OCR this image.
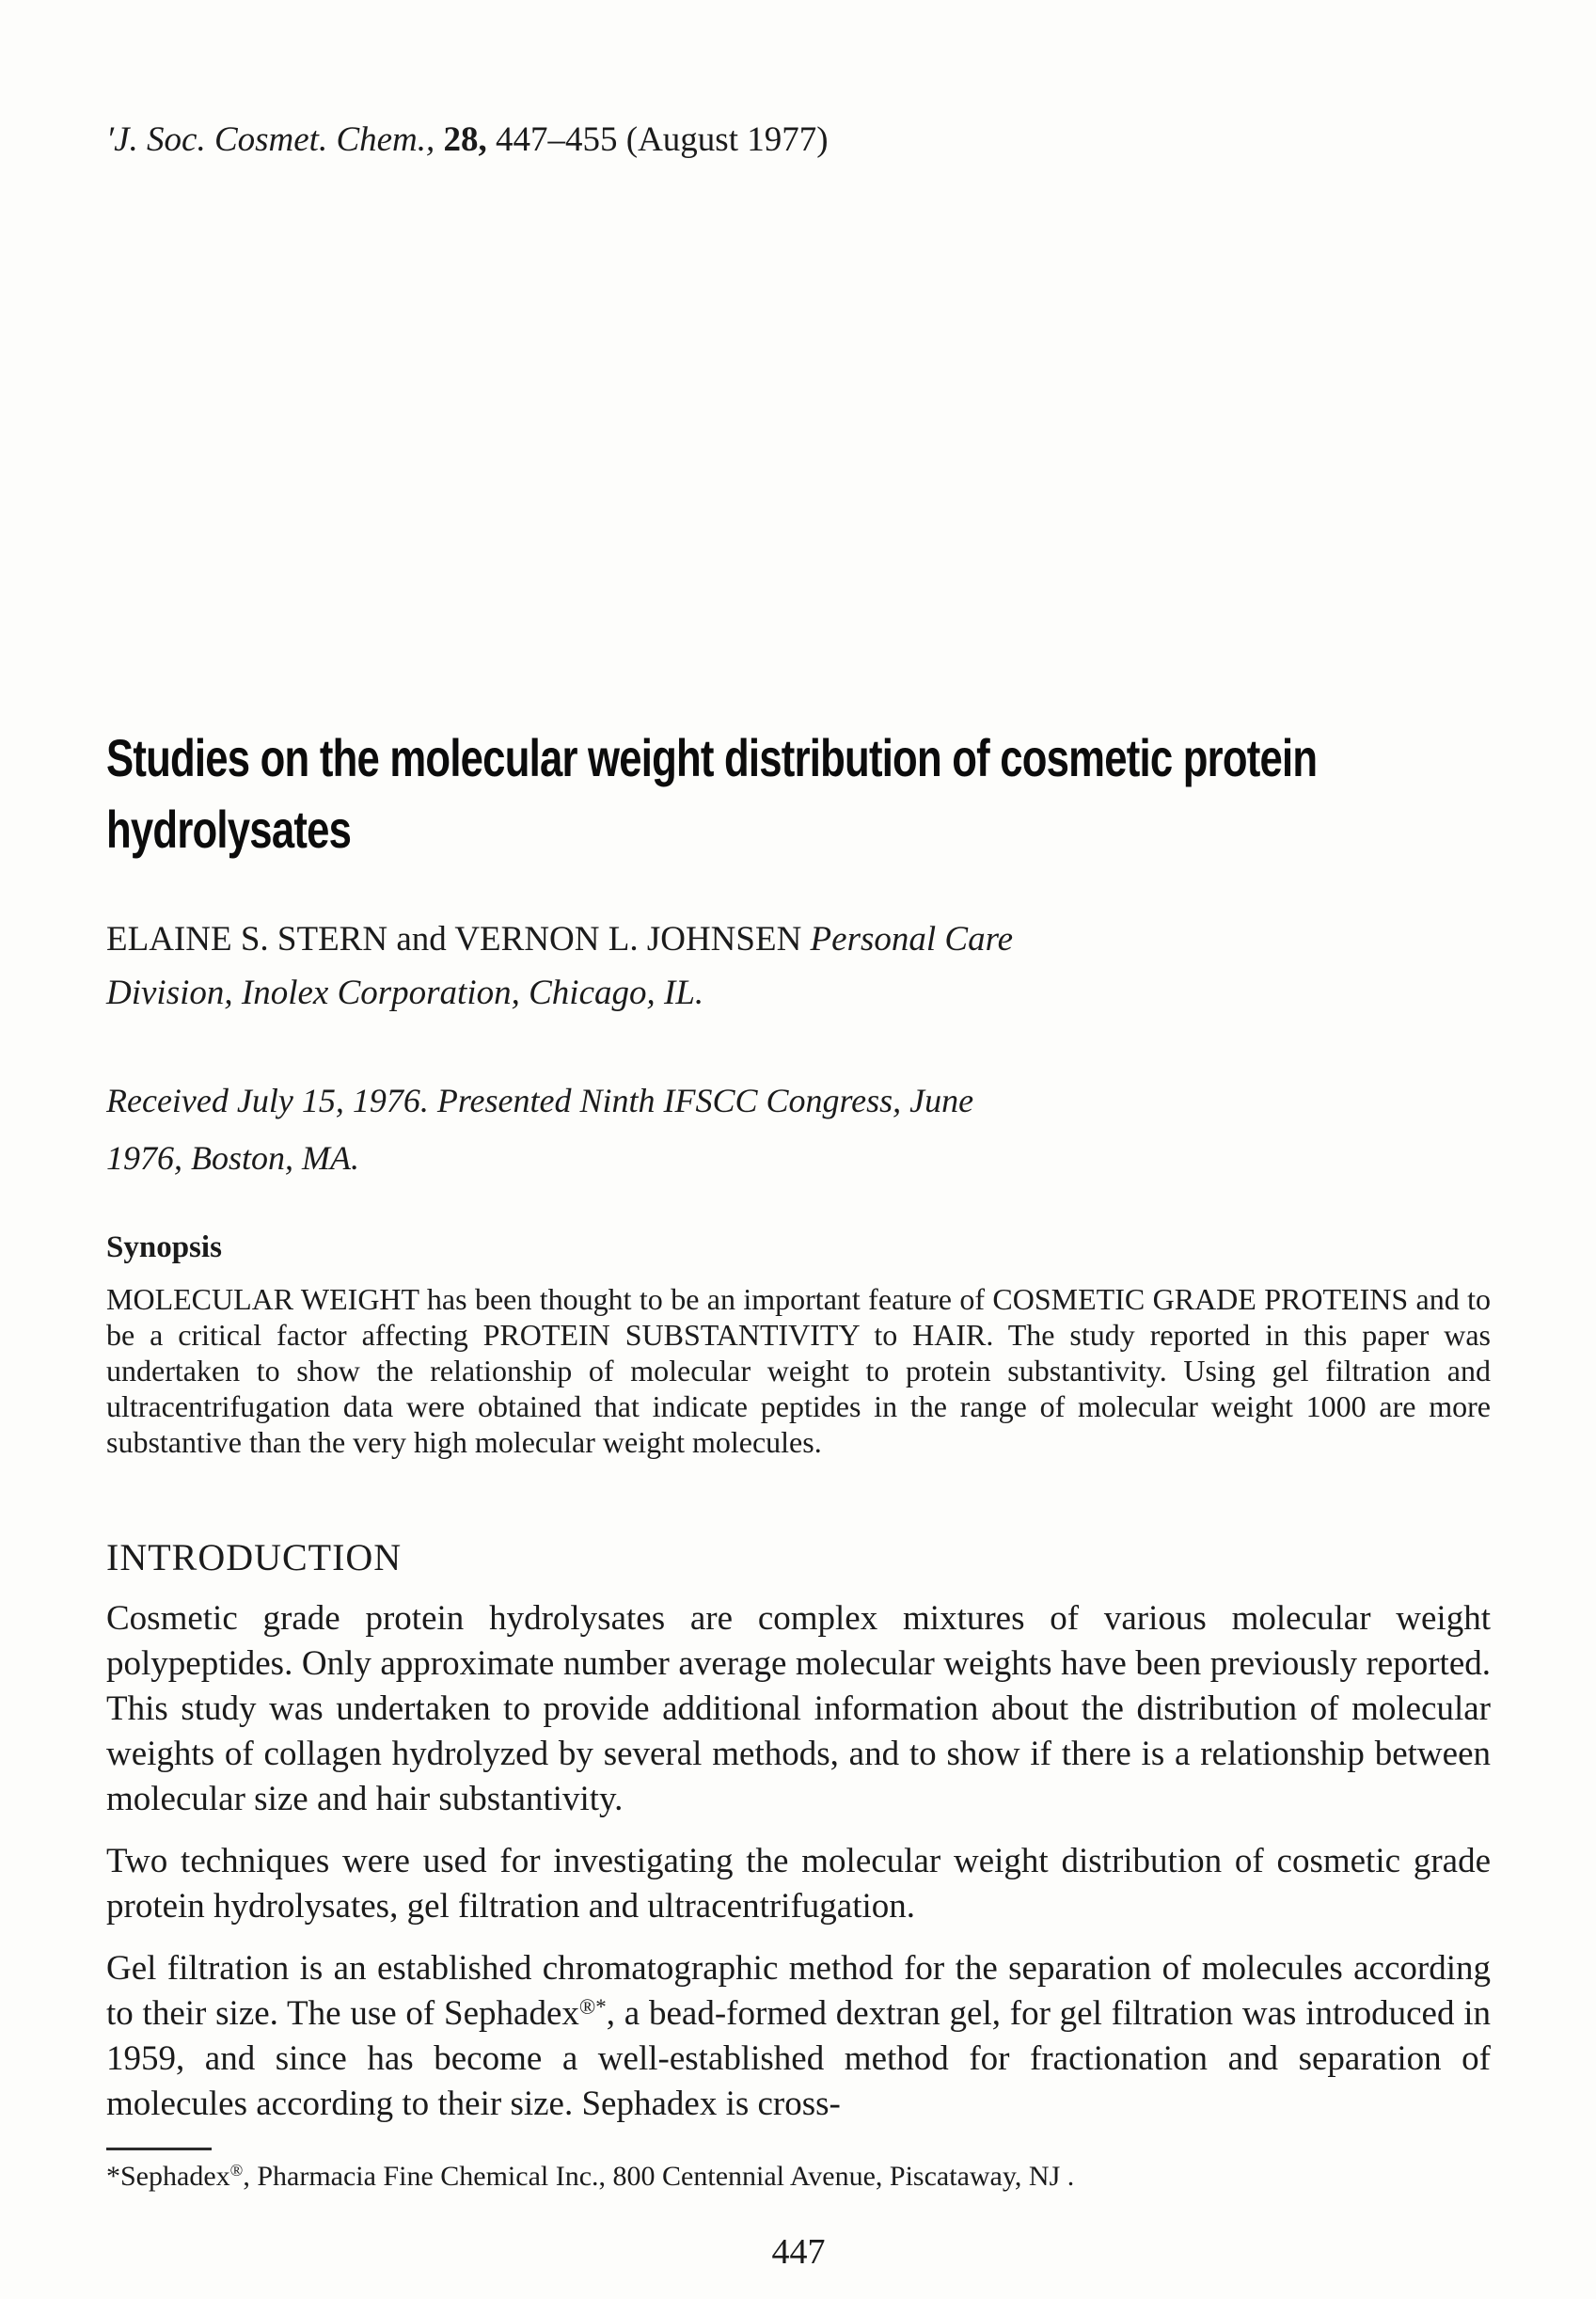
′J. Soc. Cosmet. Chem., 28, 447–455 (August 1977)
Studies on the molecular weight distribution of cosmetic protein
hydrolysates

ELAINE S. STERN and VERNON L. JOHNSEN Personal Care Division, Inolex Corporation, Chicago, IL.

Received July 15, 1976. Presented Ninth IFSCC Congress, June 1976, Boston, MA.

Synopsis

MOLECULAR WEIGHT has been thought to be an important feature of COSMETIC GRADE PROTEINS and to be a critical factor affecting PROTEIN SUBSTANTIVITY to HAIR. The study reported in this paper was undertaken to show the relationship of molecular weight to protein substantivity. Using gel filtration and ultracentrifugation data were obtained that indicate peptides in the range of molecular weight 1000 are more substantive than the very high molecular weight molecules.

INTRODUCTION

Cosmetic grade protein hydrolysates are complex mixtures of various molecular weight polypeptides. Only approximate number average molecular weights have been previously reported. This study was undertaken to provide additional information about the distribution of molecular weights of collagen hydrolyzed by several methods, and to show if there is a relationship between molecular size and hair substantivity.

Two techniques were used for investigating the molecular weight distribution of cosmetic grade protein hydrolysates, gel filtration and ultracentrifugation.

Gel filtration is an established chromatographic method for the separation of molecules according to their size. The use of Sephadex®*, a bead-formed dextran gel, for gel filtration was introduced in 1959, and since has become a well-established method for fractionation and separation of molecules according to their size. Sephadex is cross-

*Sephadex®, Pharmacia Fine Chemical Inc., 800 Centennial Avenue, Piscataway, NJ .

447
